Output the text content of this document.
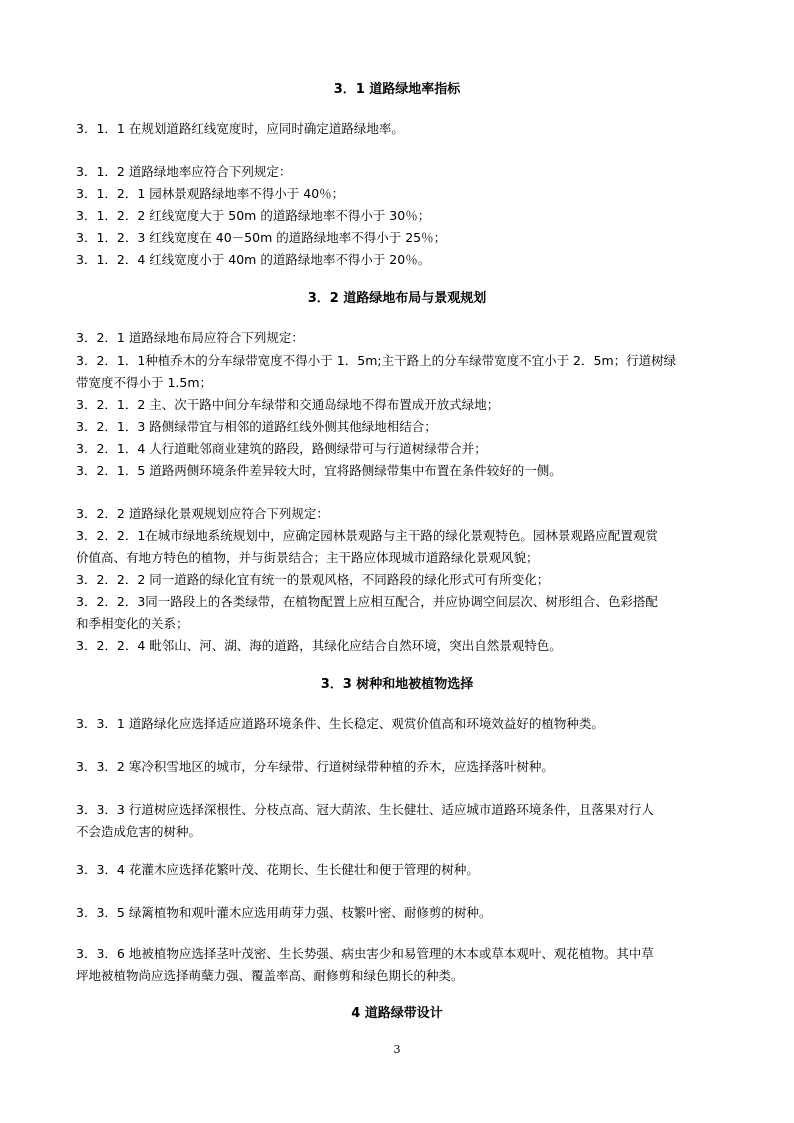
3．1 道路绿地率指标
3．1．1 在规划道路红线宽度时，应同时确定道路绿地率。
3．1．2 道路绿地率应符合下列规定：
3．1．2．1 园林景观路绿地率不得小于 40％；
3．1．2．2 红线宽度大于 50m 的道路绿地率不得小于 30％；
3．1．2．3 红线宽度在 40－50m 的道路绿地率不得小于 25％；
3．1．2．4 红线宽度小于 40m 的道路绿地率不得小于 20％。
3．2 道路绿地布局与景观规划
3．2．1 道路绿地布局应符合下列规定：
3．2．1．1种植乔木的分车绿带宽度不得小于 1．5m;主干路上的分车绿带宽度不宜小于 2．5m；行道树绿
带宽度不得小于 1.5m；
3．2．1．2 主、次干路中间分车绿带和交通岛绿地不得布置成开放式绿地；
3．2．1．3 路侧绿带宜与相邻的道路红线外侧其他绿地相结合；
3．2．1．4 人行道毗邻商业建筑的路段，路侧绿带可与行道树绿带合并；
3．2．1．5 道路两侧环境条件差异较大时，宜将路侧绿带集中布置在条件较好的一侧。
3．2．2 道路绿化景观规划应符合下列规定：
3．2．2．1在城市绿地系统规划中，应确定园林景观路与主干路的绿化景观特色。园林景观路应配置观赏
价值高、有地方特色的植物，并与街景结合；主干路应体现城市道路绿化景观风貌；
3．2．2．2 同一道路的绿化宜有统一的景观风格，不同路段的绿化形式可有所变化；
3．2．2．3同一路段上的各类绿带，在植物配置上应相互配合，并应协调空间层次、树形组合、色彩搭配
和季相变化的关系；
3．2．2．4 毗邻山、河、湖、海的道路，其绿化应结合自然环境，突出自然景观特色。
3．3 树种和地被植物选择
3．3．1 道路绿化应选择适应道路环境条件、生长稳定、观赏价值高和环境效益好的植物种类。
3．3．2 寒冷积雪地区的城市，分车绿带、行道树绿带种植的乔木，应选择落叶树种。
3．3．3 行道树应选择深根性、分枝点高、冠大荫浓、生长健壮、适应城市道路环境条件，且落果对行人
不会造成危害的树种。
3．3．4 花灌木应选择花繁叶茂、花期长、生长健壮和便于管理的树种。
3．3．5 绿篱植物和观叶灌木应选用萌芽力强、枝繁叶密、耐修剪的树种。
3．3．6 地被植物应选择茎叶茂密、生长势强、病虫害少和易管理的木本或草本观叶、观花植物。其中草
坪地被植物尚应选择萌蘖力强、覆盖率高、耐修剪和绿色期长的种类。
4 道路绿带设计
3
